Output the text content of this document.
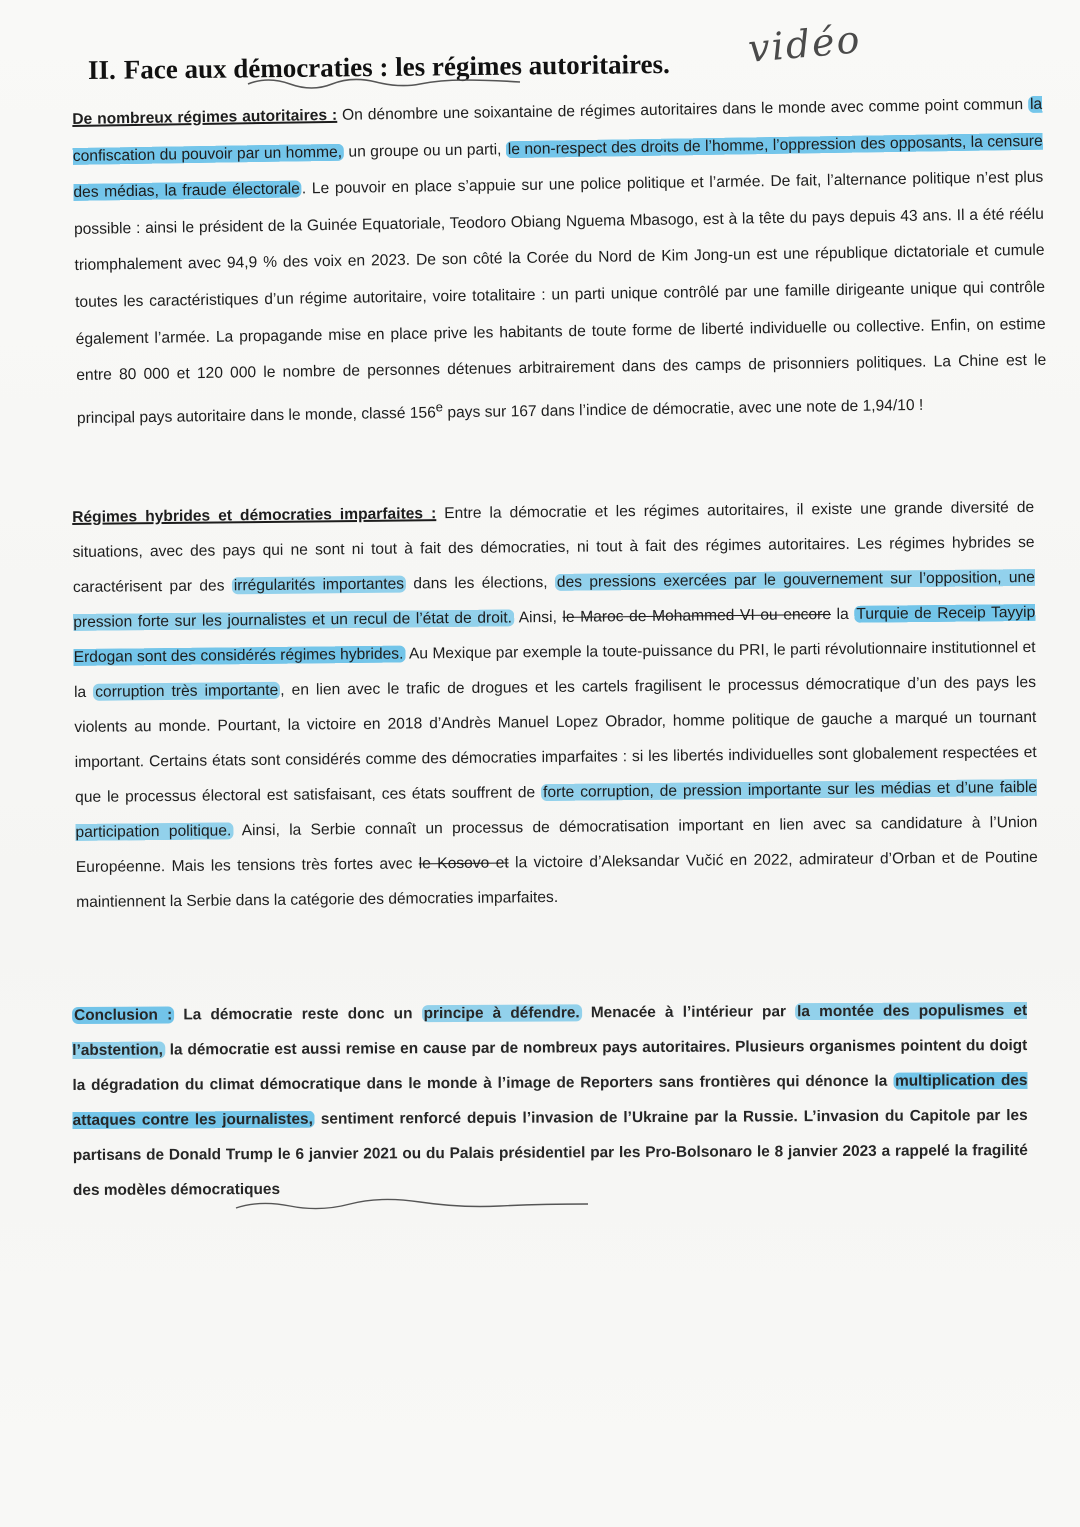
II. Face aux démocraties : les régimes autoritaires. vidéo

De nombreux régimes autoritaires : On dénombre une soixantaine de régimes autoritaires dans le monde avec comme point commun la confiscation du pouvoir par un homme, un groupe ou un parti, le non-respect des droits de l’homme, l’oppression des opposants, la censure des médias, la fraude électorale . Le pouvoir en place s’appuie sur une police politique et l’armée. De fait, l’alternance politique n’est plus possible : ainsi le président de la Guinée Equatoriale, Teodoro Obiang Nguema Mbasogo, est à la tête du pays depuis 43 ans. Il a été réélu triomphalement avec 94,9 % des voix en 2023. De son côté la Corée du Nord de Kim Jong-un est une république dictatoriale et cumule toutes les caractéristiques d’un régime autoritaire, voire totalitaire : un parti unique contrôlé par une famille dirigeante unique qui contrôle également l’armée. La propagande mise en place prive les habitants de toute forme de liberté individuelle ou collective. Enfin, on estime entre 80 000 et 120 000 le nombre de personnes détenues arbitrairement dans des camps de prisonniers politiques. La Chine est le principal pays autoritaire dans le monde, classé 156e pays sur 167 dans l’indice de démocratie, avec une note de 1,94/10 !

Régimes hybrides et démocraties imparfaites : Entre la démocratie et les régimes autoritaires, il existe une grande diversité de situations, avec des pays qui ne sont ni tout à fait des démocraties, ni tout à fait des régimes autoritaires. Les régimes hybrides se caractérisent par des irrégularités importantes dans les élections, des pressions exercées par le gouvernement sur l’opposition, une pression forte sur les journalistes et un recul de l’état de droit. Ainsi, le Maroc de Mohammed VI ou encore la Turquie de Receip Tayyip Erdogan sont des considérés régimes hybrides. Au Mexique par exemple la toute-puissance du PRI, le parti révolutionnaire institutionnel et la corruption très importante , en lien avec le trafic de drogues et les cartels fragilisent le processus démocratique d’un des pays les violents au monde. Pourtant, la victoire en 2018 d’Andrès Manuel Lopez Obrador, homme politique de gauche a marqué un tournant important. Certains états sont considérés comme des démocraties imparfaites : si les libertés individuelles sont globalement respectées et que le processus électoral est satisfaisant, ces états souffrent de forte corruption, de pression importante sur les médias et d’une faible participation politique. Ainsi, la Serbie connaît un processus de démocratisation important en lien avec sa candidature à l’Union Européenne. Mais les tensions très fortes avec le Kosovo et la victoire d’Aleksandar Vučić en 2022, admirateur d’Orban et de Poutine maintiennent la Serbie dans la catégorie des démocraties imparfaites.

Conclusion : La démocratie reste donc un principe à défendre. Menacée à l’intérieur par la montée des populismes et l’abstention, la démocratie est aussi remise en cause par de nombreux pays autoritaires. Plusieurs organismes pointent du doigt la dégradation du climat démocratique dans le monde à l’image de Reporters sans frontières qui dénonce la multiplication des attaques contre les journalistes, sentiment renforcé depuis l’invasion de l’Ukraine par la Russie. L’invasion du Capitole par les partisans de Donald Trump le 6 janvier 2021 ou du Palais présidentiel par les Pro-Bolsonaro le 8 janvier 2023 a rappelé la fragilité des modèles démocratiques
